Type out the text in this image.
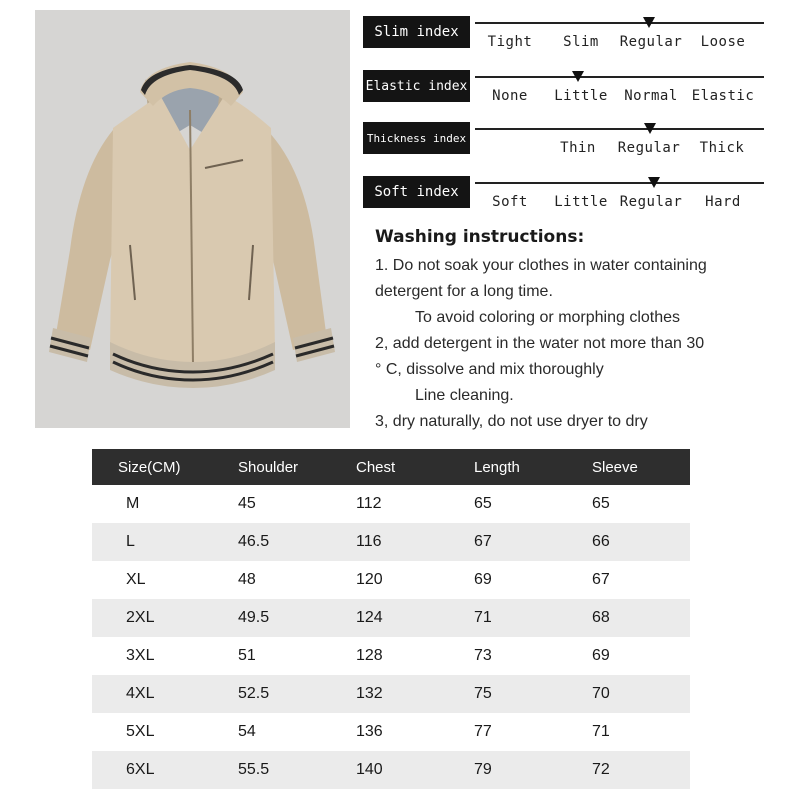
Slim index
Tight Slim Regular Loose
Elastic index
None Little Normal Elastic
Thickness index
Thin Regular Thick
Soft index
Soft Little Regular Hard
Washing instructions:
1. Do not soak your clothes in water containing
detergent for a long time.
To avoid coloring or morphing clothes
2, add detergent in the water not more than 30
° C, dissolve and mix thoroughly
Line cleaning.
3, dry naturally, do not use dryer to dry
Size(CM)	Shoulder	Chest	Length	Sleeve
M	45	112	65	65
L	46.5	116	67	66
XL	48	120	69	67
2XL	49.5	124	71	68
3XL	51	128	73	69
4XL	52.5	132	75	70
5XL	54	136	77	71
6XL	55.5	140	79	72
